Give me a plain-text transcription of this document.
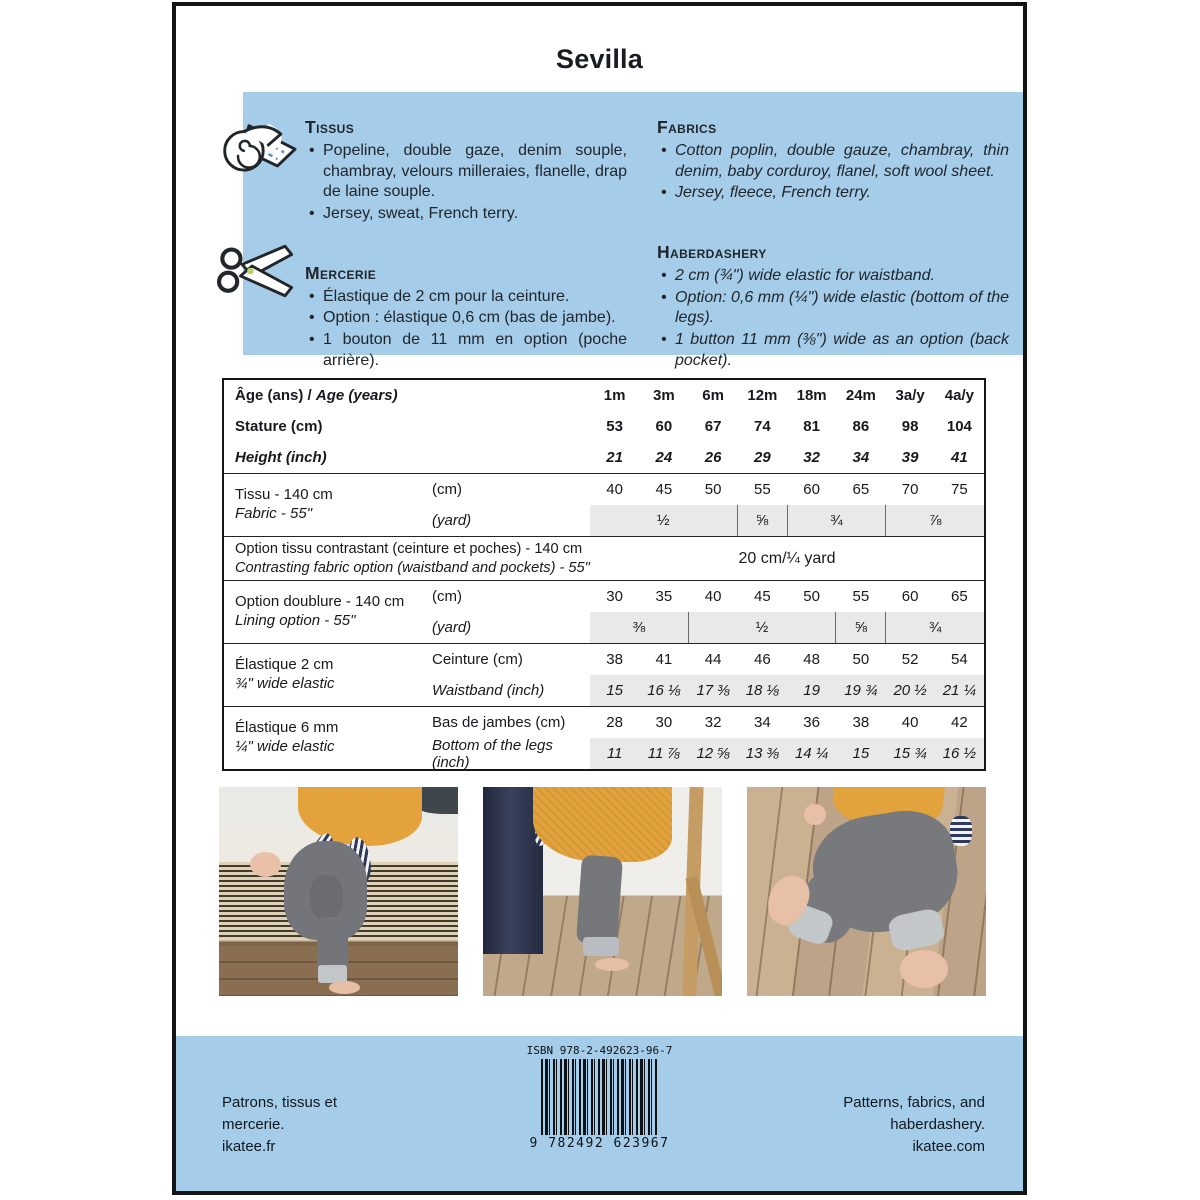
Sevilla
Tissus
• Popeline, double gaze, denim souple, chambray, velours milleraies, flanelle, drap de laine souple.
• Jersey, sweat, French terry.
Mercerie
• Élastique de 2 cm pour la ceinture.
• Option : élastique 0,6 cm (bas de jambe).
• 1 bouton de 11 mm en option (poche arrière).
Fabrics
• Cotton poplin, double gauze, chambray, thin denim, baby corduroy, flanel, soft wool sheet.
• Jersey, fleece, French terry.
Haberdashery
• 2 cm (¾") wide elastic for waistband.
• Option: 0,6 mm (¼") wide elastic (bottom of the legs).
• 1 button 11 mm (⅜") wide as an option (back pocket).
Âge (ans) / Age (years)	1m	3m	6m	12m	18m	24m	3a/y	4a/y
Stature (cm)	53	60	67	74	81	86	98	104
Height (inch)	21	24	26	29	32	34	39	41
Tissu - 140 cm
Fabric - 55"
(cm)	40	45	50	55	60	65	70	75
(yard)	½	⅝	¾	⅞
Option tissu contrastant (ceinture et poches) - 140 cm
Contrasting fabric option (waistband and pockets) - 55"
20 cm/¼ yard
Option doublure - 140 cm
Lining option - 55"
(cm)	30	35	40	45	50	55	60	65
(yard)	⅜	½	⅝	¾
Élastique 2 cm
¾" wide elastic
Ceinture (cm)	38	41	44	46	48	50	52	54
Waistband (inch)	15	16 ⅛	17 ⅜	18 ⅛	19	19 ¾	20 ½	21 ¼
Élastique 6 mm
¼" wide elastic
Bas de jambes (cm)	28	30	32	34	36	38	40	42
Bottom of the legs (inch)	11	11 ⅞	12 ⅝	13 ⅜	14 ¼	15	15 ¾	16 ½
Patrons, tissus et
mercerie.
ikatee.fr
ISBN 978-2-492623-96-7
9 782492 623967
Patterns, fabrics, and
haberdashery.
ikatee.com
